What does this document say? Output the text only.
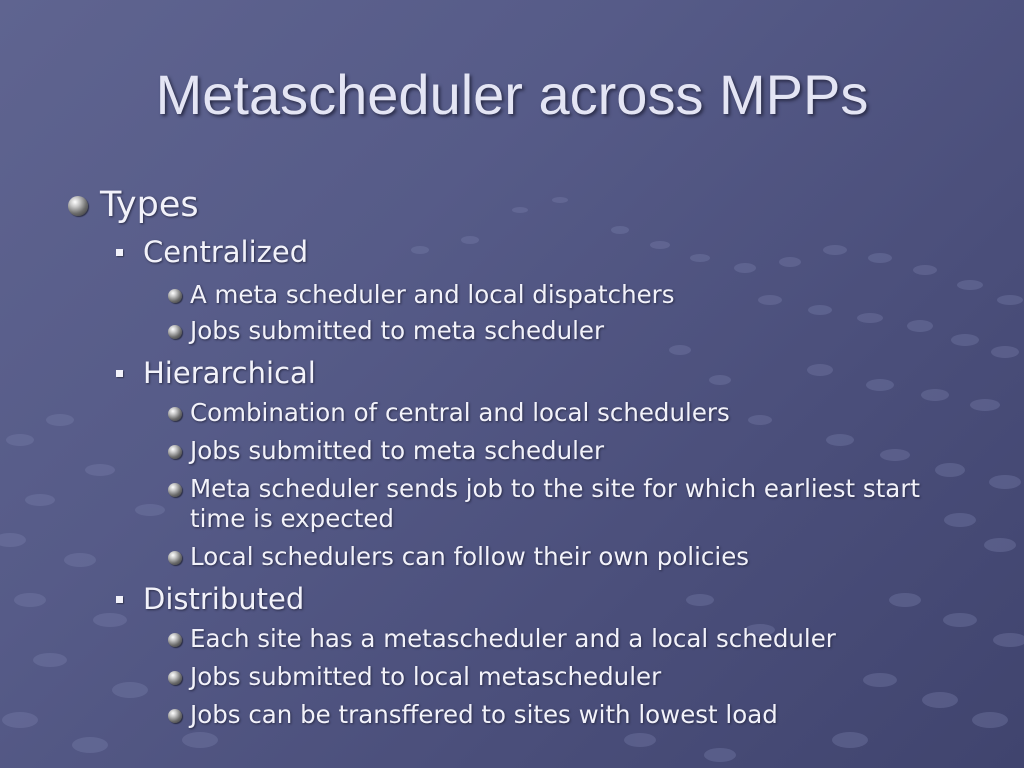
Metascheduler across MPPs
Types
Centralized
A meta scheduler and local dispatchers
Jobs submitted to meta scheduler
Hierarchical
Combination of central and local schedulers
Jobs submitted to meta scheduler
Meta scheduler sends job to the site for which earliest start time is expected
Local schedulers can follow their own policies
Distributed
Each site has a metascheduler and a local scheduler
Jobs submitted to local metascheduler
Jobs can be transffered to sites with lowest load
